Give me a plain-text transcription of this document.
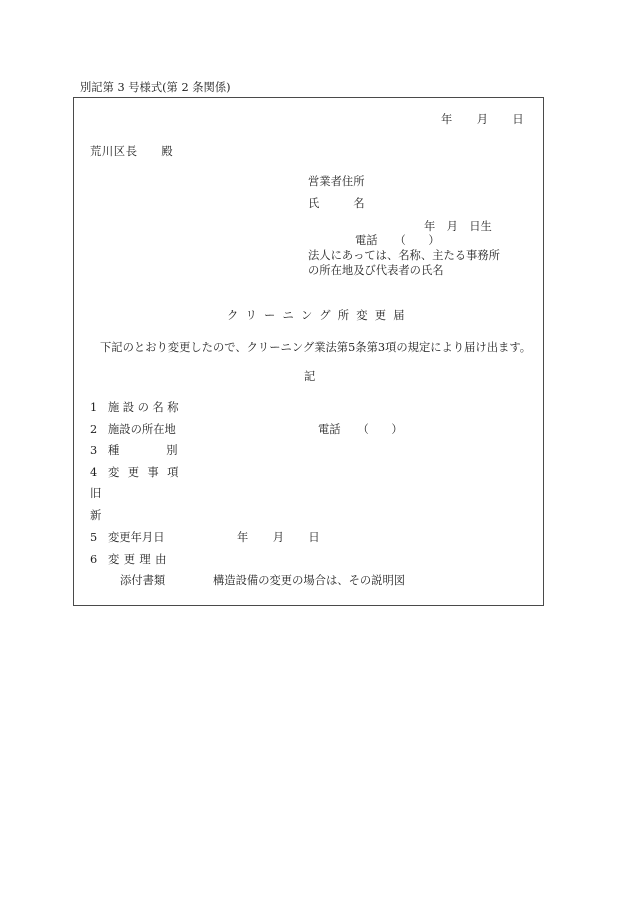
別記第 3 号様式(第 2 条関係)
年　　月　　日
荒川区長　　殿
営業者住所
氏　　　名
年　月　日生
電話　　（　　）
法人にあっては、名称、主たる事務所
の所在地及び代表者の氏名
クリーニング所変更届
下記のとおり変更したので、クリーニング業法第5条第3項の規定により届け出ます。
記
1 施設の名称
2 施設の所在地	電話　　（　　）
3 種別
4 変更事項
旧
新
5 変更年月日	年　　月　　日
6 変更理由
添付書類	構造設備の変更の場合は、その説明図
